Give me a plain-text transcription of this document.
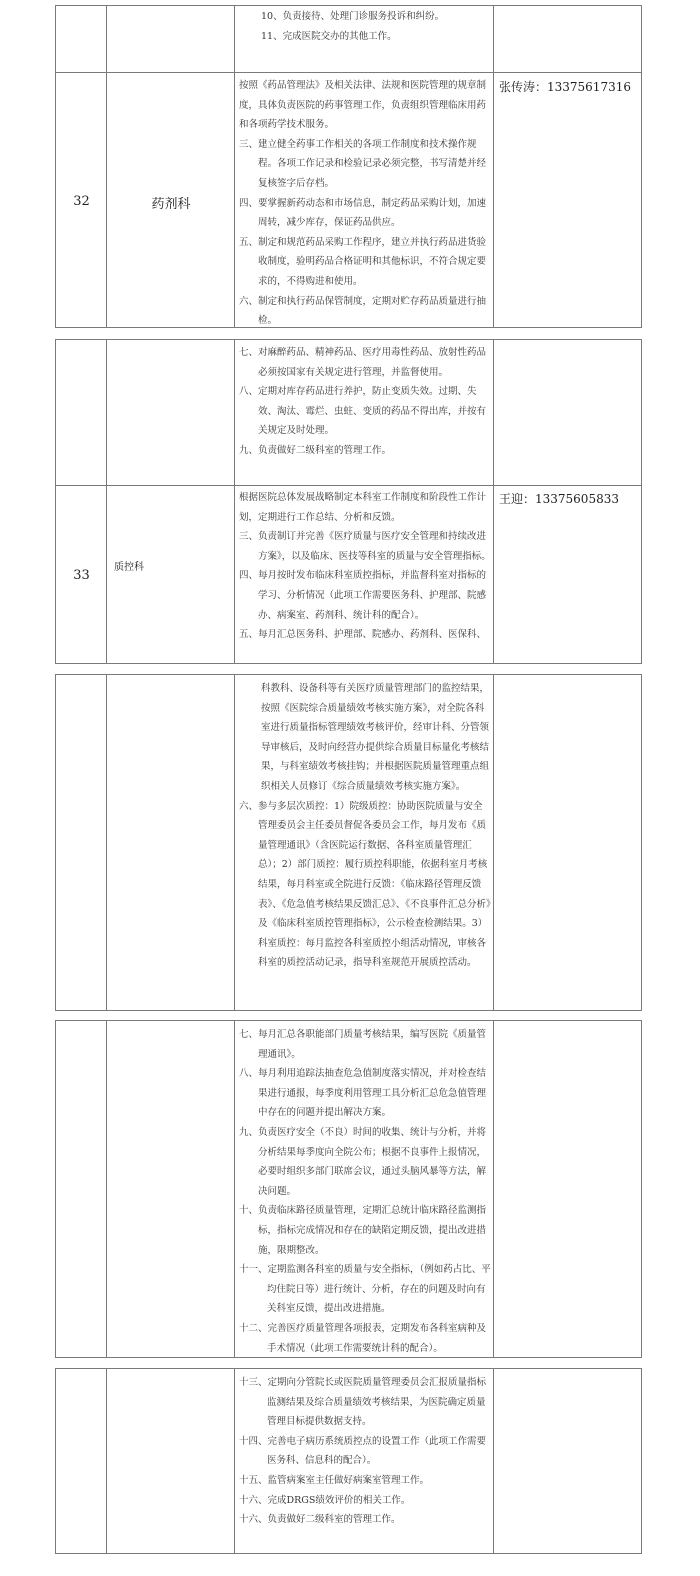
10、负责接待、处理门诊服务投诉和纠纷。

11、完成医院交办的其他工作。

32	药剂科

按照《药品管理法》及相关法律、法规和医院管理的规章制度，具体负责医院的药事管理工作，负责组织管理临床用药和各项药学技术服务。

三、建立健全药事工作相关的各项工作制度和技术操作规程。各项工作记录和检验记录必须完整，书写清楚并经复核签字后存档。

四、要掌握新药动态和市场信息，制定药品采购计划，加速周转，减少库存，保证药品供应。

五、制定和规范药品采购工作程序，建立并执行药品进货验收制度，验明药品合格证明和其他标识，不符合规定要求的，不得购进和使用。

六、制定和执行药品保管制度，定期对贮存药品质量进行抽检。

张传涛：13375617316

七、对麻醉药品、精神药品、医疗用毒性药品、放射性药品必须按国家有关规定进行管理，并监督使用。

八、定期对库存药品进行养护，防止变质失效。过期、失效、淘汰、霉烂、虫蛀、变质的药品不得出库，并按有关规定及时处理。

九、负责做好二级科室的管理工作。

33
质控科

根据医院总体发展战略制定本科室工作制度和阶段性工作计划，定期进行工作总结、分析和反馈。

三、负责制订并完善《医疗质量与医疗安全管理和持续改进方案》，以及临床、医技等科室的质量与安全管理指标。

四、每月按时发布临床科室质控指标，并监督科室对指标的学习、分析情况（此项工作需要医务科、护理部、院感办、病案室、药剂科、统计科的配合）。

五、每月汇总医务科、护理部、院感办、药剂科、医保科、

王迎：13375605833

科教科、设备科等有关医疗质量管理部门的监控结果，按照《医院综合质量绩效考核实施方案》，对全院各科室进行质量指标管理绩效考核评价，经审计科、分管领导审核后，及时向经营办提供综合质量目标量化考核结果，与科室绩效考核挂钩；并根据医院质量管理重点组织相关人员修订《综合质量绩效考核实施方案》。

六、参与多层次质控：1）院级质控：协助医院质量与安全管理委员会主任委员督促各委员会工作，每月发布《质量管理通讯》（含医院运行数据、各科室质量管理汇总）；2）部门质控：履行质控科职能，依据科室月考核结果，每月科室或全院进行反馈：《临床路径管理反馈表》、《危急值考核结果反馈汇总》、《不良事件汇总分析》及《临床科室质控管理指标》，公示检查检测结果。3）科室质控：每月监控各科室质控小组活动情况，审核各科室的质控活动记录，指导科室规范开展质控活动。

七、每月汇总各职能部门质量考核结果，编写医院《质量管理通讯》。

八、每月利用追踪法抽查危急值制度落实情况，并对检查结果进行通报，每季度利用管理工具分析汇总危急值管理中存在的问题并提出解决方案。

九、负责医疗安全（不良）时间的收集、统计与分析，并将分析结果每季度向全院公布；根据不良事件上报情况，必要时组织多部门联席会议，通过头脑风暴等方法，解决问题。

十、负责临床路径质量管理，定期汇总统计临床路径监测指标，指标完成情况和存在的缺陷定期反馈，提出改进措施，限期整改。

十一、定期监测各科室的质量与安全指标，（例如药占比、平均住院日等）进行统计、分析，存在的问题及时向有关科室反馈，提出改进措施。

十二、完善医疗质量管理各项报表，定期发布各科室病种及手术情况（此项工作需要统计科的配合）。

十三、定期向分管院长或医院质量管理委员会汇报质量指标监测结果及综合质量绩效考核结果，为医院确定质量管理目标提供数据支持。

十四、完善电子病历系统质控点的设置工作（此项工作需要医务科、信息科的配合）。

十五、监管病案室主任做好病案室管理工作。

十六、完成DRGS绩效评价的相关工作。

十六、负责做好二级科室的管理工作。
